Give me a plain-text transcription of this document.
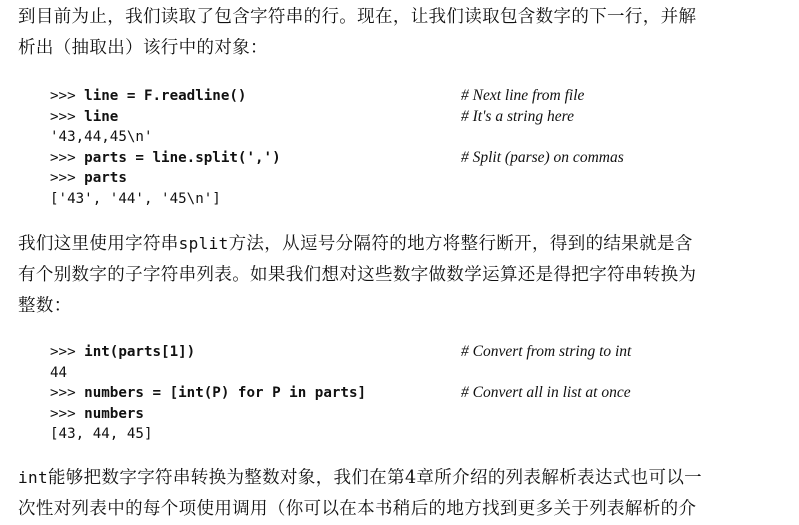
到目前为止，我们读取了包含字符串的行。现在，让我们读取包含数字的下一行，并解
析出（抽取出）该行中的对象：
>>> line = F.readline()	# Next line from file
>>> line	# It's a string here
'43,44,45\n'
>>> parts = line.split(',')	# Split (parse) on commas
>>> parts
['43', '44', '45\n']
我们这里使用字符串split方法，从逗号分隔符的地方将整行断开，得到的结果就是含
有个别数字的子字符串列表。如果我们想对这些数字做数学运算还是得把字符串转换为
整数：
>>> int(parts[1])	# Convert from string to int
44
>>> numbers = [int(P) for P in parts]	# Convert all in list at once
>>> numbers
[43, 44, 45]
int能够把数字字符串转换为整数对象，我们在第4章所介绍的列表解析表达式也可以一
次性对列表中的每个项使用调用（你可以在本书稍后的地方找到更多关于列表解析的介
